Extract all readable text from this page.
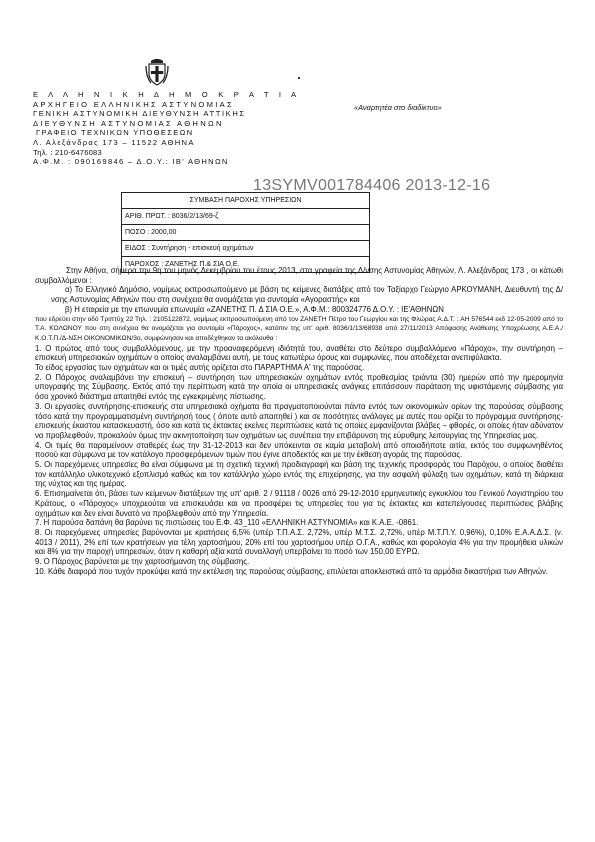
Ε Λ Λ Η Ν Ι Κ Η Δ Η Μ Ο Κ Ρ Α Τ Ι Α
ΑΡΧΗΓΕΙΟ ΕΛΛΗΝΙΚΗΣ ΑΣΤΥΝΟΜΙΑΣ
ΓΕΝΙΚΗ ΑΣΤΥΝΟΜΙΚΗ ΔΙΕΥΘΥΝΣΗ ΑΤΤΙΚΗΣ
ΔΙΕΥΘΥΝΣΗ ΑΣΤΥΝΟΜΙΑΣ ΑΘΗΝΩΝ
ΓΡΑΦΕΙΟ ΤΕΧΝΙΚΩΝ ΥΠΟΘΕΣΕΩΝ
Λ. Αλεξάνδρας 173 – 11522 ΑΘΗΝΑ
Τηλ. : 210-6476083
Α.Φ.Μ. : 090169846 – Δ.Ο.Υ.: ΙΒ' ΑΘΗΝΩΝ
«Αναρτητέα στο διαδίκτυο»
13SYMV001784406 2013-12-16
ΣΥΜΒΑΣΗ ΠΑΡΟΧΗΣ ΥΠΗΡΕΣΙΩΝ
ΑΡΙΘ. ΠΡΩΤ. : 8036/2/13/69-ζ
ΠΟΣΟ : 2000,00
ΕΙΔΟΣ : Συντήρηση - επισκευή οχημάτων
ΠΑΡΟΧΟΣ : ΖΑΝΕΤΗΣ Π.& ΣΙΑ Ο.Ε.

Στην Αθήνα, σήμερα την 9η του μηνός Δεκεμβρίου του έτους 2013, στα γραφεία της Δ/νσης Αστυνομίας Αθηνών, Λ. Αλεξάνδρας 173 , οι κάτωθι συμβαλλόμενοι :

α) Το Ελληνικό Δημόσιο, νομίμως εκπροσωπούμενο με βάση τις κείμενες διατάξεις από τον Ταξίαρχο Γεώργιο ΑΡΚΟΥΜΑΝΗ, Διευθυντή της Δ/νσης Αστυνομίας Αθηνών που στη συνέχεια θα ονομάζεται για συντομία «Αγοραστής» και

β) Η εταιρεία με την επωνυμία επωνυμία «ΖΑΝΕΤΗΣ Π. Δ ΣΙΑ Ο.Ε.», Α.Φ.Μ.: 800324776 Δ.Ο.Υ. : ΙΕ'ΑΘΗΝΩΝ

που εδρεύει στην οδό Τριπτύχ 22 Τηλ. : 2105122872, νομίμως εκπροσωπούμενη από τον ΖΑΝΕΤΗ Πέτρο του Γεωργίου και της Φλώρας Α.Δ.Τ. : ΑΗ 576544 εκδ 12-05-2009 από το Τ.Α. ΚΟΛΩΝΟΥ που στη συνέχεια θα ονομάζεται για συντομία «Πάροχος», κατόπιν της υπ' αριθ. 8036/1/13/68938 από 27/11/2013 Απόφασης Ανάθεσης Υποχρέωσης Α.Ε.Α./Κ.Ο.Τ.Π./Δ-ΝΣΗ ΟΙΚΟΝΟΜΙΚΩΝ/3ο, συμφώνησαν και αποδέχθηκαν τα ακόλουθα :

1. Ο πρώτος από τους συμβαλλόμενους, με την προαναφερόμενη ιδιότητά του, αναθέτει στο δεύτερο συμβαλλόμενο «Πάροχο», την συντήρηση – επισκευή υπηρεσιακών οχημάτων ο οποίος αναλαμβάνει αυτή, με τους κατωτέρω όρους και συμφωνίες, που αποδέχεται ανεπιφύλακτα.

Το είδος εργασίας των οχημάτων και οι τιμές αυτής ορίζεται στο ΠΑΡΑΡΤΗΜΑ Α' της παρούσας.

2. Ο Πάροχος αναλαμβάνει την επισκευή – συντήρηση των υπηρεσιακών οχημάτων εντός προθεσμίας τριάντα (30) ημερών από την ημερομηνία υπογραφής της Σύμβασης. Εκτός από την περίπτωση κατά την οποία οι υπηρεσιακές ανάγκες επιτάσσουν παράταση της υφιστάμενης σύμβασης για όσο χρονικό διάστημα απαιτηθεί εντός της εγκεκριμένης πίστωσης.

3. Οι εργασίες συντήρησης-επισκευής στα υπηρεσιακά οχήματα θα πραγματοποιούνται πάντα εντός των οικονομικών ορίων της παρούσας σύμβασης τόσο κατά την προγραμματισμένη συντήρησή τους ( όποτε αυτό απαιτηθεί ) και σε ποσότητες ανάλογες με αυτές που ορίζει το πρόγραμμα συντήρησης-επισκευής έκαστου κατασκευαστή, όσο και κατά τις έκτακτες εκείνες περιπτώσεις κατά τις οποίες εμφανίζονται βλάβες – φθορές, οι οποίες ήταν αδύνατον να προβλεφθούν, προκαλούν όμως την ακινητοποίηση των οχημάτων ως συνέπεια την επιβάρυνση της εύρυθμης λειτουργίας της Υπηρεσίας μας.

4. Οι τιμές θα παραμείνουν σταθερές έως την 31-12-2013 και δεν υπόκεινται σε καμία μεταβολή από οποιαδήποτε αιτία, εκτός του συμφωνηθέντος ποσού και σύμφωνα με τον κατάλογο προσφερόμενων τιμών που έγινε αποδεκτός και με την έκθεση αγοράς της παρούσας.

5. Οι παρεχόμενες υπηρεσίες θα είναι σύμφωνα με τη σχετική τεχνική προδιαγραφή και βάση της τεχνικής προσφοράς του Παρόχου, ο οποίος διαθέτει τον κατάλληλο υλικοτεχνικό εξοπλισμό καθώς και τον κατάλληλο χώρο εντός της επιχείρησης, για την ασφαλή φύλαξη των οχημάτων, κατά τη διάρκεια της νύχτας και της ημέρας.

6. Επισημαίνεται ότι, βάσει των κείμενων διατάξεων της υπ' αριθ. 2 / 91118 / 0026 από 29-12-2010 ερμηνευτικής εγκυκλίου του Γενικού Λογιστηρίου του Κράτους, ο «Πάροχος» υποχρεούται να επισκευάσει και να προσφέρει τις υπηρεσίες του για τις έκτακτες και κατεπείγουσες περιπτώσεις βλάβης οχημάτων και δεν είναι δυνατό να προβλεφθούν από την Υπηρεσία.

7. Η παρούσα δαπάνη θα βαρύνει τις πιστώσεις του Ε.Φ. 43_110 «ΕΛΛΗΝΙΚΗ ΑΣΤΥΝΟΜΙΑ» και Κ.Α.Ε. -0861.

8. Οι παρεχόμενες υπηρεσίες βαρύνονται με κρατήσεις 6,5% (υπέρ Τ.Π.Α.Σ. 2,72%, υπέρ Μ.Τ.Σ. 2,72%, υπέρ Μ.Τ.Π.Υ. 0,96%), 0,10% Ε.Α.Α.Δ.Σ. (ν. 4013 / 2011), 2% επί των κρατήσεων για τέλη χαρτοσήμου, 20% επί του χαρτοσήμου υπέρ Ο.Γ.Α., καθώς και φορολογία 4% για την προμήθεια υλικών και 8% για την παροχή υπηρεσιών, όταν η καθαρή αξία κατά συναλλαγή υπερβαίνει το ποσό των 150,00 ΕΥΡΩ.

9. Ο Πάροχος βαρύνεται με την χαρτοσήμανση της σύμβασης.

10. Κάθε διαφορά που τυχόν προκύψει κατά την εκτέλεση της παρούσας σύμβασης, επιλύεται αποκλειστικά από τα αρμόδια δικαστήρια των Αθηνών.
